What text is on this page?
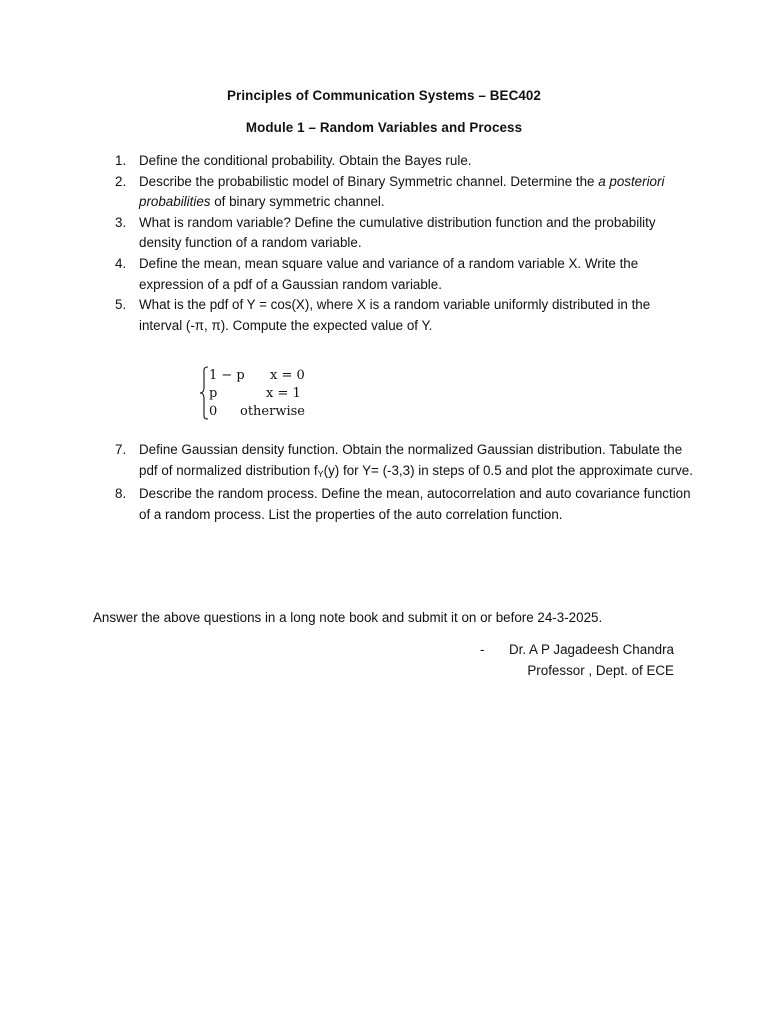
Principles of Communication Systems – BEC402
Module 1 – Random Variables and Process
1. Define the conditional probability. Obtain the Bayes rule.
2. Describe the probabilistic model of Binary Symmetric channel. Determine the a posteriori probabilities of binary symmetric channel.
3. What is random variable? Define the cumulative distribution function and the probability density function of a random variable.
4. Define the mean, mean square value and variance of a random variable X. Write the expression of a pdf of a Gaussian random variable.
5. What is the pdf of Y = cos(X), where X is a random variable uniformly distributed in the interval (-π, π). Compute the expected value of Y.
1 − p x = 0
p	x = 1
0 otherwise
7. Define Gaussian density function. Obtain the normalized Gaussian distribution. Tabulate the pdf of normalized distribution $f_Y(y)$ for Y= (-3,3) in steps of 0.5 and plot the approximate curve.
8. Describe the random process. Define the mean, autocorrelation and auto covariance function of a random process. List the properties of the auto correlation function.
Answer the above questions in a long note book and submit it on or before 24-3-2025.
- Dr. A P Jagadeesh Chandra
Professor , Dept. of ECE
